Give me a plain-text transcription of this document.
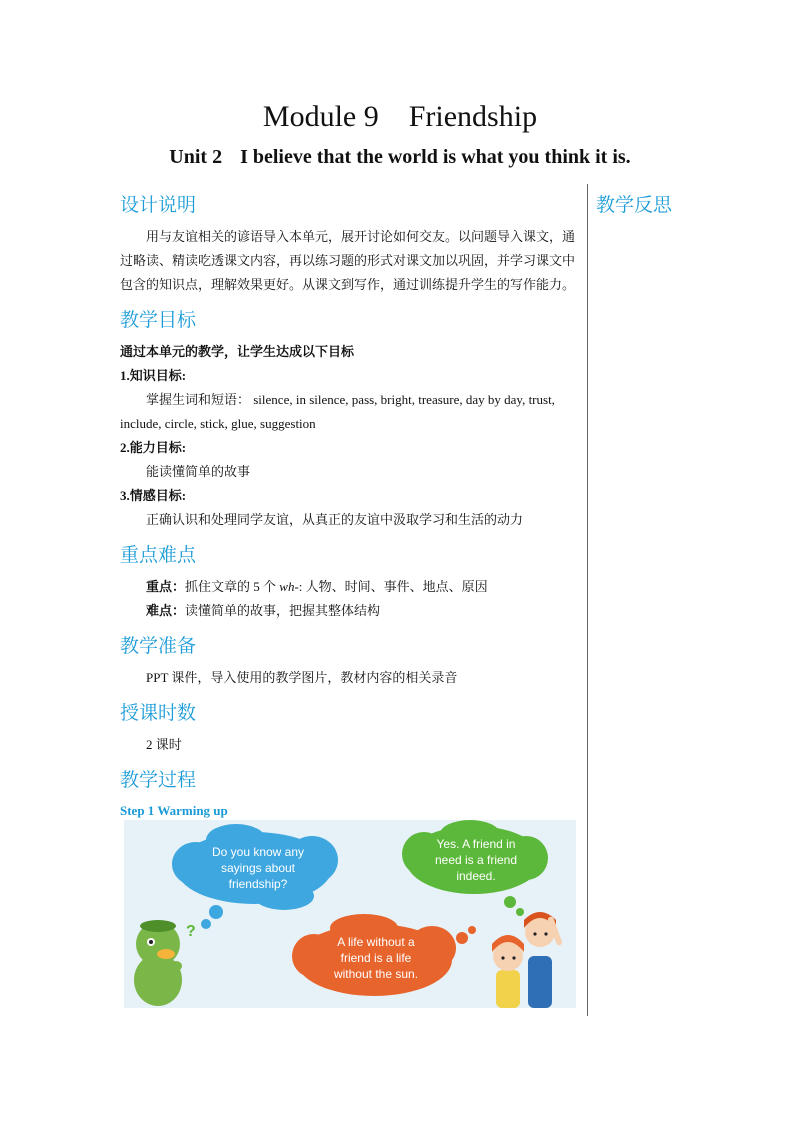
Module 9 Friendship
Unit 2 I believe that the world is what you think it is.
教学反思
设计说明

用与友谊相关的谚语导入本单元，展开讨论如何交友。以问题导入课文，通过略读、精读吃透课文内容，再以练习题的形式对课文加以巩固，并学习课文中包含的知识点，理解效果更好。从课文到写作，通过训练提升学生的写作能力。

教学目标

通过本单元的教学，让学生达成以下目标

1.知识目标:

掌握生词和短语： silence, in silence, pass, bright, treasure, day by day, trust, include, circle, stick, glue, suggestion

2.能力目标:

能读懂简单的故事

3.情感目标:

正确认识和处理同学友谊，从真正的友谊中汲取学习和生活的动力

重点难点

重点：抓住文章的 5 个 wh-: 人物、时间、事件、地点、原因

难点：读懂简单的故事，把握其整体结构

教学准备

PPT 课件，导入使用的教学图片，教材内容的相关录音

授课时数

2 课时

教学过程
Step 1 Warming up

Do you know any
sayings about
friendship?
Yes. A friend in
need is a friend
indeed.
A life without a
friend is a life
without the sun.
?
